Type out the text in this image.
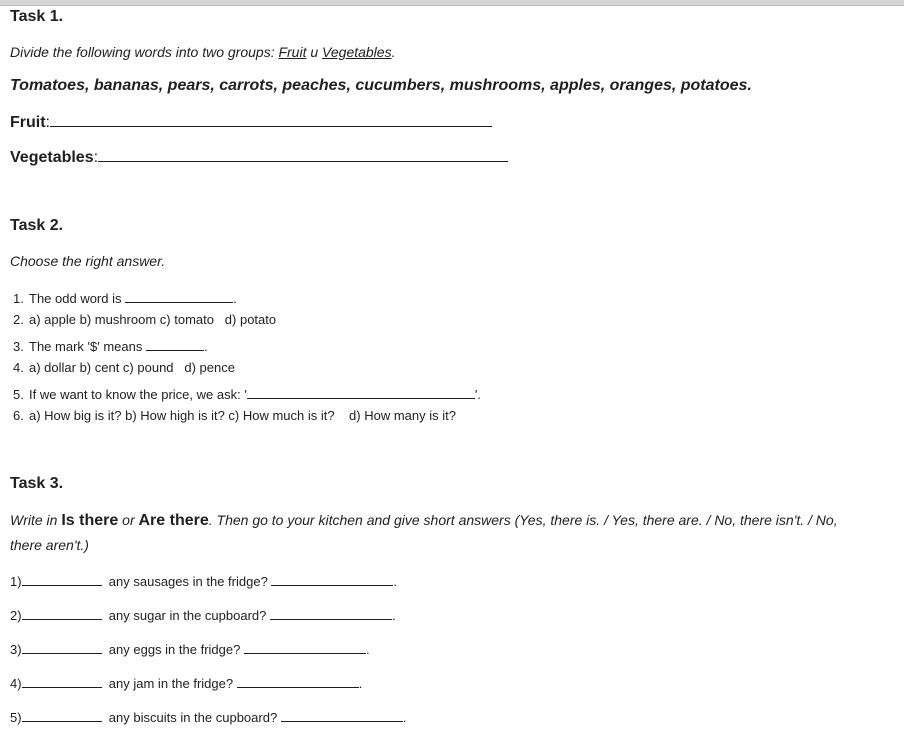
Task 1.
Divide the following words into two groups: Fruit u Vegetables.
Tomatoes, bananas, pears, carrots, peaches, cucumbers, mushrooms, apples, oranges, potatoes.
Fruit:
Vegetables:
Task 2.
Choose the right answer.
1. The odd word is	.
2. a) apple b) mushroom c) tomato   d) potato
3. The mark '$' means	.
4. a) dollar b) cent c) pound   d) pence
5. If we want to know the price, we ask: '	'.
6. a) How big is it? b) How high is it? c) How much is it?    d) How many is it?
Task 3.
Write in Is there or Are there. Then go to your kitchen and give short answers (Yes, there is. / Yes, there are. / No, there isn't. / No, there aren't.)
1)	any sausages in the fridge?	.
2)	any sugar in the cupboard?	.
3)	any eggs in the fridge?	.
4)	any jam in the fridge?	.
5)	any biscuits in the cupboard?	.
